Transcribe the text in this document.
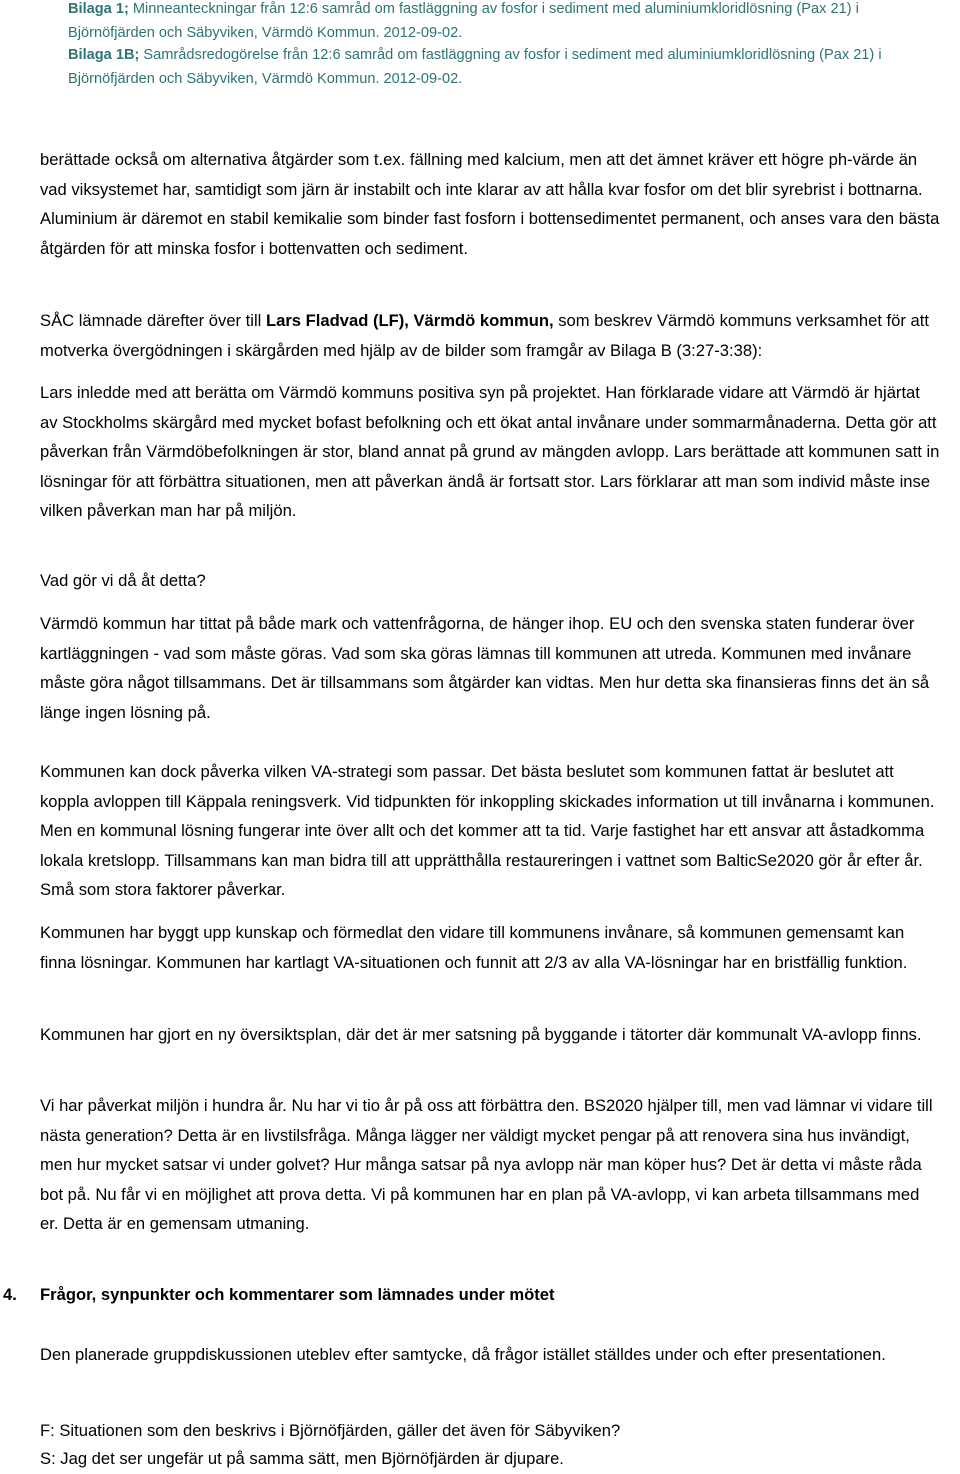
Bilaga 1; Minneanteckningar från 12:6 samråd om fastläggning av fosfor i sediment med aluminiumkloridlösning (Pax 21) i Björnöfjärden och Säbyviken, Värmdö Kommun. 2012-09-02.

Bilaga 1B; Samrådsredogörelse från 12:6 samråd om fastläggning av fosfor i sediment med aluminiumkloridlösning (Pax 21) i Björnöfjärden och Säbyviken, Värmdö Kommun. 2012-09-02.

berättade också om alternativa åtgärder som t.ex. fällning med kalcium, men att det ämnet kräver ett högre ph-värde än vad viksystemet har, samtidigt som järn är instabilt och inte klarar av att hålla kvar fosfor om det blir syrebrist i bottnarna. Aluminium är däremot en stabil kemikalie som binder fast fosforn i bottensedimentet permanent, och anses vara den bästa åtgärden för att minska fosfor i bottenvatten och sediment.

SÅC lämnade därefter över till Lars Fladvad (LF), Värmdö kommun, som beskrev Värmdö kommuns verksamhet för att motverka övergödningen i skärgården med hjälp av de bilder som framgår av Bilaga B (3:27-3:38):

Lars inledde med att berätta om Värmdö kommuns positiva syn på projektet. Han förklarade vidare att Värmdö är hjärtat av Stockholms skärgård med mycket bofast befolkning och ett ökat antal invånare under sommarmånaderna. Detta gör att påverkan från Värmdöbefolkningen är stor, bland annat på grund av mängden avlopp. Lars berättade att kommunen satt in lösningar för att förbättra situationen, men att påverkan ändå är fortsatt stor. Lars förklarar att man som individ måste inse vilken påverkan man har på miljön.

Vad gör vi då åt detta?

Värmdö kommun har tittat på både mark och vattenfrågorna, de hänger ihop. EU och den svenska staten funderar över kartläggningen - vad som måste göras. Vad som ska göras lämnas till kommunen att utreda. Kommunen med invånare måste göra något tillsammans. Det är tillsammans som åtgärder kan vidtas. Men hur detta ska finansieras finns det än så länge ingen lösning på.

Kommunen kan dock påverka vilken VA-strategi som passar. Det bästa beslutet som kommunen fattat är beslutet att koppla avloppen till Käppala reningsverk. Vid tidpunkten för inkoppling skickades information ut till invånarna i kommunen. Men en kommunal lösning fungerar inte över allt och det kommer att ta tid. Varje fastighet har ett ansvar att åstadkomma lokala kretslopp. Tillsammans kan man bidra till att upprätthålla restaureringen i vattnet som BalticSe2020 gör år efter år. Små som stora faktorer påverkar.

Kommunen har byggt upp kunskap och förmedlat den vidare till kommunens invånare, så kommunen gemensamt kan finna lösningar. Kommunen har kartlagt VA-situationen och funnit att 2/3 av alla VA-lösningar har en bristfällig funktion.

Kommunen har gjort en ny översiktsplan, där det är mer satsning på byggande i tätorter där kommunalt VA-avlopp finns.

Vi har påverkat miljön i hundra år. Nu har vi tio år på oss att förbättra den. BS2020 hjälper till, men vad lämnar vi vidare till nästa generation? Detta är en livstilsfråga. Många lägger ner väldigt mycket pengar på att renovera sina hus invändigt, men hur mycket satsar vi under golvet? Hur många satsar på nya avlopp när man köper hus? Det är detta vi måste råda bot på. Nu får vi en möjlighet att prova detta. Vi på kommunen har en plan på VA-avlopp, vi kan arbeta tillsammans med er. Detta är en gemensam utmaning.

4. Frågor, synpunkter och kommentarer som lämnades under mötet

Den planerade gruppdiskussionen uteblev efter samtycke, då frågor istället ställdes under och efter presentationen.

F: Situationen som den beskrivs i Björnöfjärden, gäller det även för Säbyviken?

S: Jag det ser ungefär ut på samma sätt, men Björnöfjärden är djupare.
